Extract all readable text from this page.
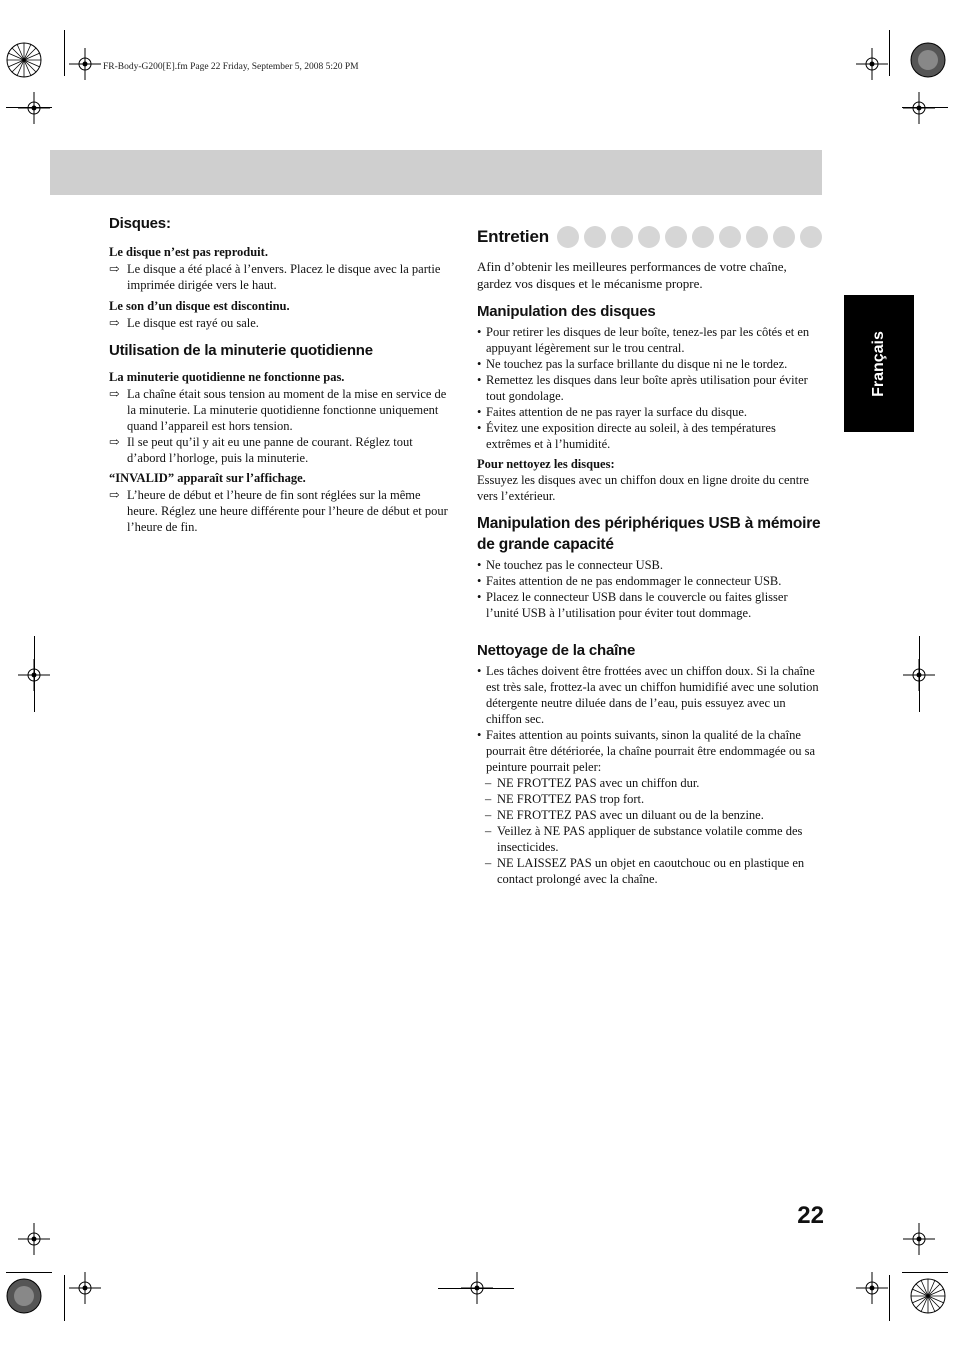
FR-Body-G200[E].fm Page 22 Friday, September 5, 2008 5:20 PM
Français
22
Disques:

Le disque n’est pas reproduit.

⇨ Le disque a été placé à l’envers. Placez le disque avec la partie imprimée dirigée vers le haut.

Le son d’un disque est discontinu.

⇨ Le disque est rayé ou sale.
Utilisation de la minuterie quotidienne

La minuterie quotidienne ne fonctionne pas.

⇨ La chaîne était sous tension au moment de la mise en service de la minuterie. La minuterie quotidienne fonctionne uniquement quand l’appareil est hors tension.
⇨ Il se peut qu’il y ait eu une panne de courant. Réglez tout d’abord l’horloge, puis la minuterie.

“INVALID” apparaît sur l’affichage.

⇨ L’heure de début et l’heure de fin sont réglées sur la même heure. Réglez une heure différente pour l’heure de début et pour l’heure de fin.
Entretien

Afin d’obtenir les meilleures performances de votre chaîne, gardez vos disques et le mécanisme propre.

Manipulation des disques
• Pour retirer les disques de leur boîte, tenez-les par les côtés et en appuyant légèrement sur le trou central.
• Ne touchez pas la surface brillante du disque ni ne le tordez.
• Remettez les disques dans leur boîte après utilisation pour éviter tout gondolage.
• Faites attention de ne pas rayer la surface du disque.
• Évitez une exposition directe au soleil, à des températures extrêmes et à l’humidité.

Pour nettoyez les disques:

Essuyez les disques avec un chiffon doux en ligne droite du centre vers l’extérieur.

Manipulation des périphériques USB à mémoire de grande capacité
• Ne touchez pas le connecteur USB.
• Faites attention de ne pas endommager le connecteur USB.
• Placez le connecteur USB dans le couvercle ou faites glisser l’unité USB à l’utilisation pour éviter tout dommage.
Nettoyage de la chaîne
• Les tâches doivent être frottées avec un chiffon doux. Si la chaîne est très sale, frottez-la avec un chiffon humidifié avec une solution détergente neutre diluée dans de l’eau, puis essuyez avec un chiffon sec.
• Faites attention au points suivants, sinon la qualité de la chaîne pourrait être détériorée, la chaîne pourrait être endommagée ou sa peinture pourrait peler:
– NE FROTTEZ PAS avec un chiffon dur.
– NE FROTTEZ PAS trop fort.
– NE FROTTEZ PAS avec un diluant ou de la benzine.
– Veillez à NE PAS appliquer de substance volatile comme des insecticides.
– NE LAISSEZ PAS un objet en caoutchouc ou en plastique en contact prolongé avec la chaîne.
